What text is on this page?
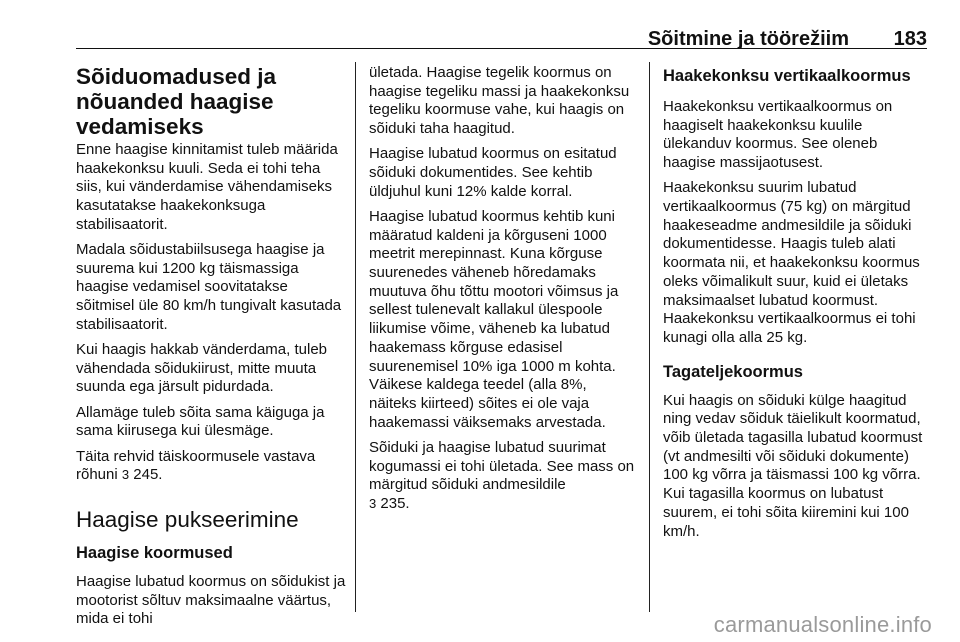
Sõitmine ja töörežiim 183
Sõiduomadused ja nõuanded haagise vedamiseks

Enne haagise kinnitamist tuleb määrida haakekonksu kuuli. Seda ei tohi teha siis, kui vänderdamise vähendamiseks kasutatakse haakekonksuga stabilisaatorit.

Madala sõidustabiilsusega haagise ja suurema kui 1200 kg täismassiga haagise vedamisel soovitatakse sõitmisel üle 80 km/h tungivalt kasutada stabilisaatorit.

Kui haagis hakkab vänderdama, tuleb vähendada sõidukiirust, mitte muuta suunda ega järsult pidurdada.

Allamäge tuleb sõita sama käiguga ja sama kiirusega kui ülesmäge.

Täita rehvid täiskoormusele vastava rõhuni 3 245.

Haagise pukseerimine
Haagise koormused

Haagise lubatud koormus on sõidukist ja mootorist sõltuv maksimaalne väärtus, mida ei tohi

ületada. Haagise tegelik koormus on haagise tegeliku massi ja haakekonksu tegeliku koormuse vahe, kui haagis on sõiduki taha haagitud.

Haagise lubatud koormus on esitatud sõiduki dokumentides. See kehtib üldjuhul kuni 12% kalde korral.

Haagise lubatud koormus kehtib kuni määratud kaldeni ja kõrguseni 1000 meetrit merepinnast. Kuna kõrguse suurenedes väheneb hõredamaks muutuva õhu tõttu mootori võimsus ja sellest tulenevalt kallakul ülespoole liikumise võime, väheneb ka lubatud haakemass kõrguse edasisel suurenemisel 10% iga 1000 m kohta. Väikese kaldega teedel (alla 8%, näiteks kiirteed) sõites ei ole vaja haakemassi väiksemaks arvestada.

Sõiduki ja haagise lubatud suurimat kogumassi ei tohi ületada. See mass on märgitud sõiduki andmesildile
3 235.

Haakekonksu vertikaalkoormus

Haakekonksu vertikaalkoormus on haagiselt haakekonksu kuulile ülekanduv koormus. See oleneb haagise massijaotusest.

Haakekonksu suurim lubatud vertikaalkoormus (75 kg) on märgitud haakeseadme andmesildile ja sõiduki dokumentidesse. Haagis tuleb alati koormata nii, et haakekonksu koormus oleks võimalikult suur, kuid ei ületaks maksimaalset lubatud koormust. Haakekonksu vertikaalkoormus ei tohi kunagi olla alla 25 kg.

Tagateljekoormus

Kui haagis on sõiduki külge haagitud ning vedav sõiduk täielikult koormatud, võib ületada tagasilla lubatud koormust (vt andmesilti või sõiduki dokumente) 100 kg võrra ja täismassi 100 kg võrra. Kui tagasilla koormus on lubatust suurem, ei tohi sõita kiiremini kui 100 km/h.

carmanualsonline.info
